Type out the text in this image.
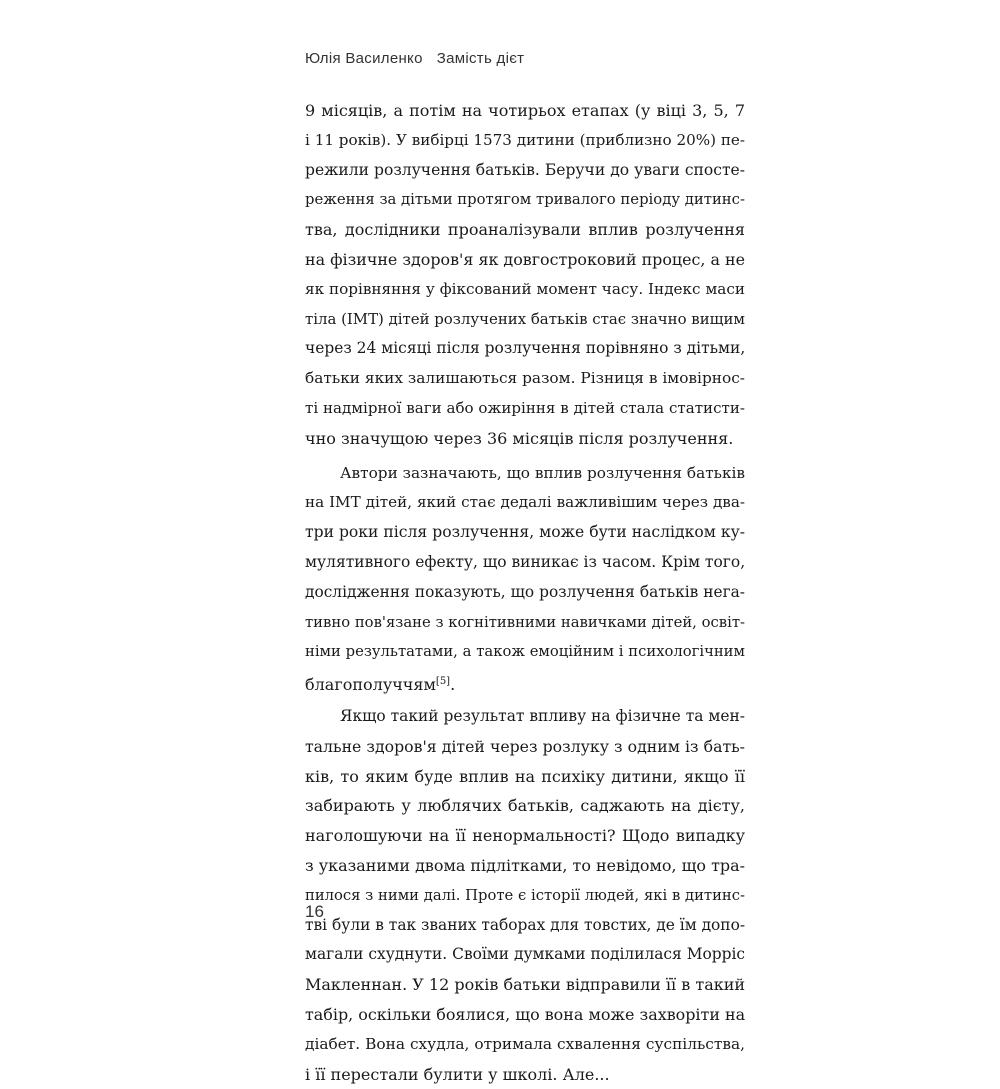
Юлія Василенко Замість дієт
9 місяців, а потім на чотирьох етапах (у віці 3, 5, 7
і 11 років). У вибірці 1573 дитини (приблизно 20%) пе-
режили розлучення батьків. Беручи до уваги спосте-
реження за дітьми протягом тривалого періоду дитинс-
тва, дослідники проаналізували вплив розлучення
на фізичне здоров'я як довгостроковий процес, а не
як порівняння у фіксований момент часу. Індекс маси
тіла (ІМТ) дітей розлучених батьків стає значно вищим
через 24 місяці після розлучення порівняно з дітьми,
батьки яких залишаються разом. Різниця в імовірнос-
ті надмірної ваги або ожиріння в дітей стала статисти-
чно значущою через 36 місяців після розлучення.
Автори зазначають, що вплив розлучення батьків
на ІМТ дітей, який стає дедалі важливішим через два-
три роки після розлучення, може бути наслідком ку-
мулятивного ефекту, що виникає із часом. Крім того,
дослідження показують, що розлучення батьків нега-
тивно пов'язане з когнітивними навичками дітей, освіт-
німи результатами, а також емоційним і психологічним
благополуччям[5].
Якщо такий результат впливу на фізичне та мен-
тальне здоров'я дітей через розлуку з одним із бать-
ків, то яким буде вплив на психіку дитини, якщо її
забирають у люблячих батьків, саджають на дієту,
наголошуючи на її ненормальності? Щодо випадку
з указаними двома підлітками, то невідомо, що тра-
пилося з ними далі. Проте є історії людей, які в дитинс-
тві були в так званих таборах для товстих, де їм допо-
магали схуднути. Своїми думками поділилася Морріс
Макленнан. У 12 років батьки відправили її в такий
табір, оскільки боялися, що вона може захворіти на
діабет. Вона схудла, отримала схвалення суспільства,
і її перестали булити у школі. Але...
16
